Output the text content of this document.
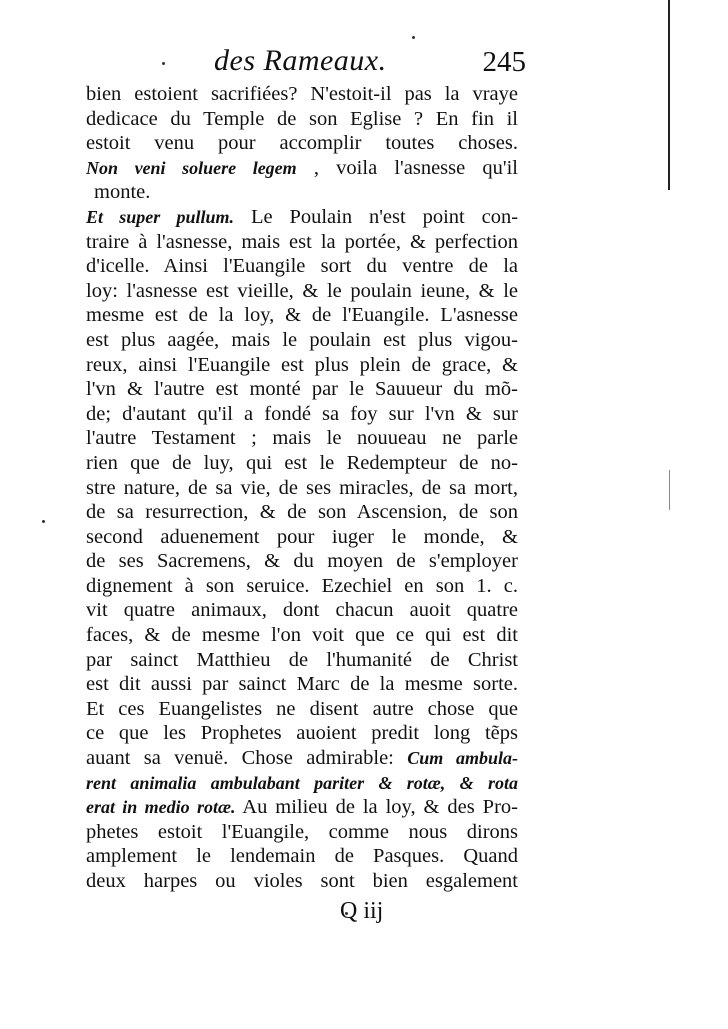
des Rameaux.	245
bien estoient sacrifiées? N'estoit-il pas la vraye
dedicace du Temple de son Eglise ? En fin il
estoit venu pour accomplir toutes choses.
Non veni soluere legem , voila l'asnesse qu'il
monte.
Et super pullum. Le Poulain n'est point con-
traire à l'asnesse, mais est la portée, & perfection
d'icelle. Ainsi l'Euangile sort du ventre de la
loy: l'asnesse est vieille, & le poulain ieune, & le
mesme est de la loy, & de l'Euangile. L'asnesse
est plus aagée, mais le poulain est plus vigou-
reux, ainsi l'Euangile est plus plein de grace, &
l'vn & l'autre est monté par le Sauueur du mõ-
de; d'autant qu'il a fondé sa foy sur l'vn & sur
l'autre Testament ; mais le nouueau ne parle
rien que de luy, qui est le Redempteur de no-
stre nature, de sa vie, de ses miracles, de sa mort,
de sa resurrection, & de son Ascension, de son
second aduenement pour iuger le monde, &
de ses Sacremens, & du moyen de s'employer
dignement à son seruice. Ezechiel en son 1. c.
vit quatre animaux, dont chacun auoit quatre
faces, & de mesme l'on voit que ce qui est dit
par sainct Matthieu de l'humanité de Christ
est dit aussi par sainct Marc de la mesme sorte.
Et ces Euangelistes ne disent autre chose que
ce que les Prophetes auoient predit long tẽps
auant sa venuë. Chose admirable: Cum ambula-
rent animalia ambulabant pariter & rotæ, & rota
erat in medio rotæ. Au milieu de la loy, & des Pro-
phetes estoit l'Euangile, comme nous dirons
amplement le lendemain de Pasques. Quand
deux harpes ou violes sont bien esgalement
Q iij
